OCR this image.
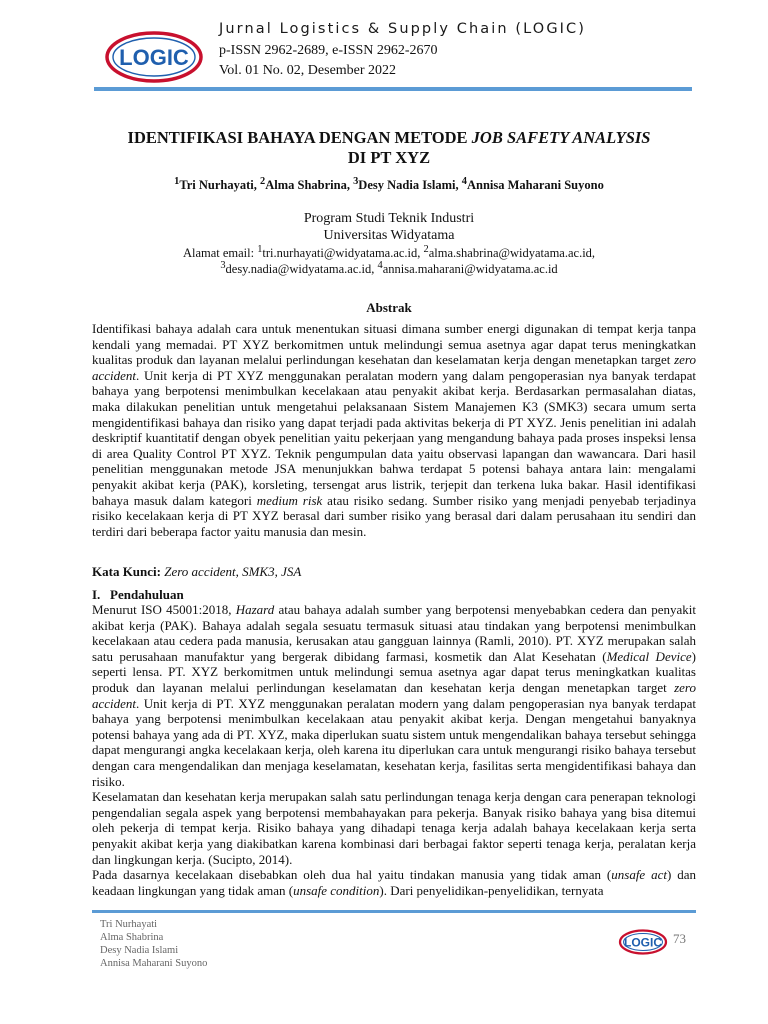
LOGIC
Jurnal Logistics & Supply Chain (LOGIC)
p-ISSN 2962-2689, e-ISSN 2962-2670
Vol. 01 No. 02, Desember 2022
IDENTIFIKASI BAHAYA DENGAN METODE JOB SAFETY ANALYSIS
DI PT XYZ
$^1$Tri Nurhayati, $^2$Alma Shabrina, $^3$Desy Nadia Islami, $^4$Annisa Maharani Suyono
Program Studi Teknik Industri
Universitas Widyatama
Alamat email: $^1$tri.nurhayati@widyatama.ac.id, $^2$alma.shabrina@widyatama.ac.id,
$^3$desy.nadia@widyatama.ac.id, $^4$annisa.maharani@widyatama.ac.id
Abstrak
Identifikasi bahaya adalah cara untuk menentukan situasi dimana sumber energi digunakan di tempat kerja tanpa kendali yang memadai. PT XYZ berkomitmen untuk melindungi semua asetnya agar dapat terus meningkatkan kualitas produk dan layanan melalui perlindungan kesehatan dan keselamatan kerja dengan menetapkan target zero accident. Unit kerja di PT XYZ menggunakan peralatan modern yang dalam pengoperasian nya banyak terdapat bahaya yang berpotensi menimbulkan kecelakaan atau penyakit akibat kerja. Berdasarkan permasalahan diatas, maka dilakukan penelitian untuk mengetahui pelaksanaan Sistem Manajemen K3 (SMK3) secara umum serta mengidentifikasi bahaya dan risiko yang dapat terjadi pada aktivitas bekerja di PT XYZ. Jenis penelitian ini adalah deskriptif kuantitatif dengan obyek penelitian yaitu pekerjaan yang mengandung bahaya pada proses inspeksi lensa di area Quality Control PT XYZ. Teknik pengumpulan data yaitu observasi lapangan dan wawancara. Dari hasil penelitian menggunakan metode JSA menunjukkan bahwa terdapat 5 potensi bahaya antara lain: mengalami penyakit akibat kerja (PAK), korsleting, tersengat arus listrik, terjepit dan terkena luka bakar. Hasil identifikasi bahaya masuk dalam kategori medium risk atau risiko sedang. Sumber risiko yang menjadi penyebab terjadinya risiko kecelakaan kerja di PT XYZ berasal dari sumber risiko yang berasal dari dalam perusahaan itu sendiri dan terdiri dari beberapa factor yaitu manusia dan mesin.
Kata Kunci: Zero accident, SMK3, JSA
I. Pendahuluan

Menurut ISO 45001:2018, Hazard atau bahaya adalah sumber yang berpotensi menyebabkan cedera dan penyakit akibat kerja (PAK). Bahaya adalah segala sesuatu termasuk situasi atau tindakan yang berpotensi menimbulkan kecelakaan atau cedera pada manusia, kerusakan atau gangguan lainnya (Ramli, 2010). PT. XYZ merupakan salah satu perusahaan manufaktur yang bergerak dibidang farmasi, kosmetik dan Alat Kesehatan (Medical Device) seperti lensa. PT. XYZ berkomitmen untuk melindungi semua asetnya agar dapat terus meningkatkan kualitas produk dan layanan melalui perlindungan keselamatan dan kesehatan kerja dengan menetapkan target zero accident. Unit kerja di PT. XYZ menggunakan peralatan modern yang dalam pengoperasian nya banyak terdapat bahaya yang berpotensi menimbulkan kecelakaan atau penyakit akibat kerja. Dengan mengetahui banyaknya potensi bahaya yang ada di PT. XYZ, maka diperlukan suatu sistem untuk mengendalikan bahaya tersebut sehingga dapat mengurangi angka kecelakaan kerja, oleh karena itu diperlukan cara untuk mengurangi risiko bahaya tersebut dengan cara mengendalikan dan menjaga keselamatan, kesehatan kerja, fasilitas serta mengidentifikasi bahaya dan risiko.

Keselamatan dan kesehatan kerja merupakan salah satu perlindungan tenaga kerja dengan cara penerapan teknologi pengendalian segala aspek yang berpotensi membahayakan para pekerja. Banyak risiko bahaya yang bisa ditemui oleh pekerja di tempat kerja. Risiko bahaya yang dihadapi tenaga kerja adalah bahaya kecelakaan kerja serta penyakit akibat kerja yang diakibatkan karena kombinasi dari berbagai faktor seperti tenaga kerja, peralatan kerja dan lingkungan kerja. (Sucipto, 2014).

Pada dasarnya kecelakaan disebabkan oleh dua hal yaitu tindakan manusia yang tidak aman (unsafe act) dan keadaan lingkungan yang tidak aman (unsafe condition). Dari penyelidikan-penyelidikan, ternyata

Tri Nurhayati
Alma Shabrina
Desy Nadia Islami
Annisa Maharani Suyono
LOGIC 73
